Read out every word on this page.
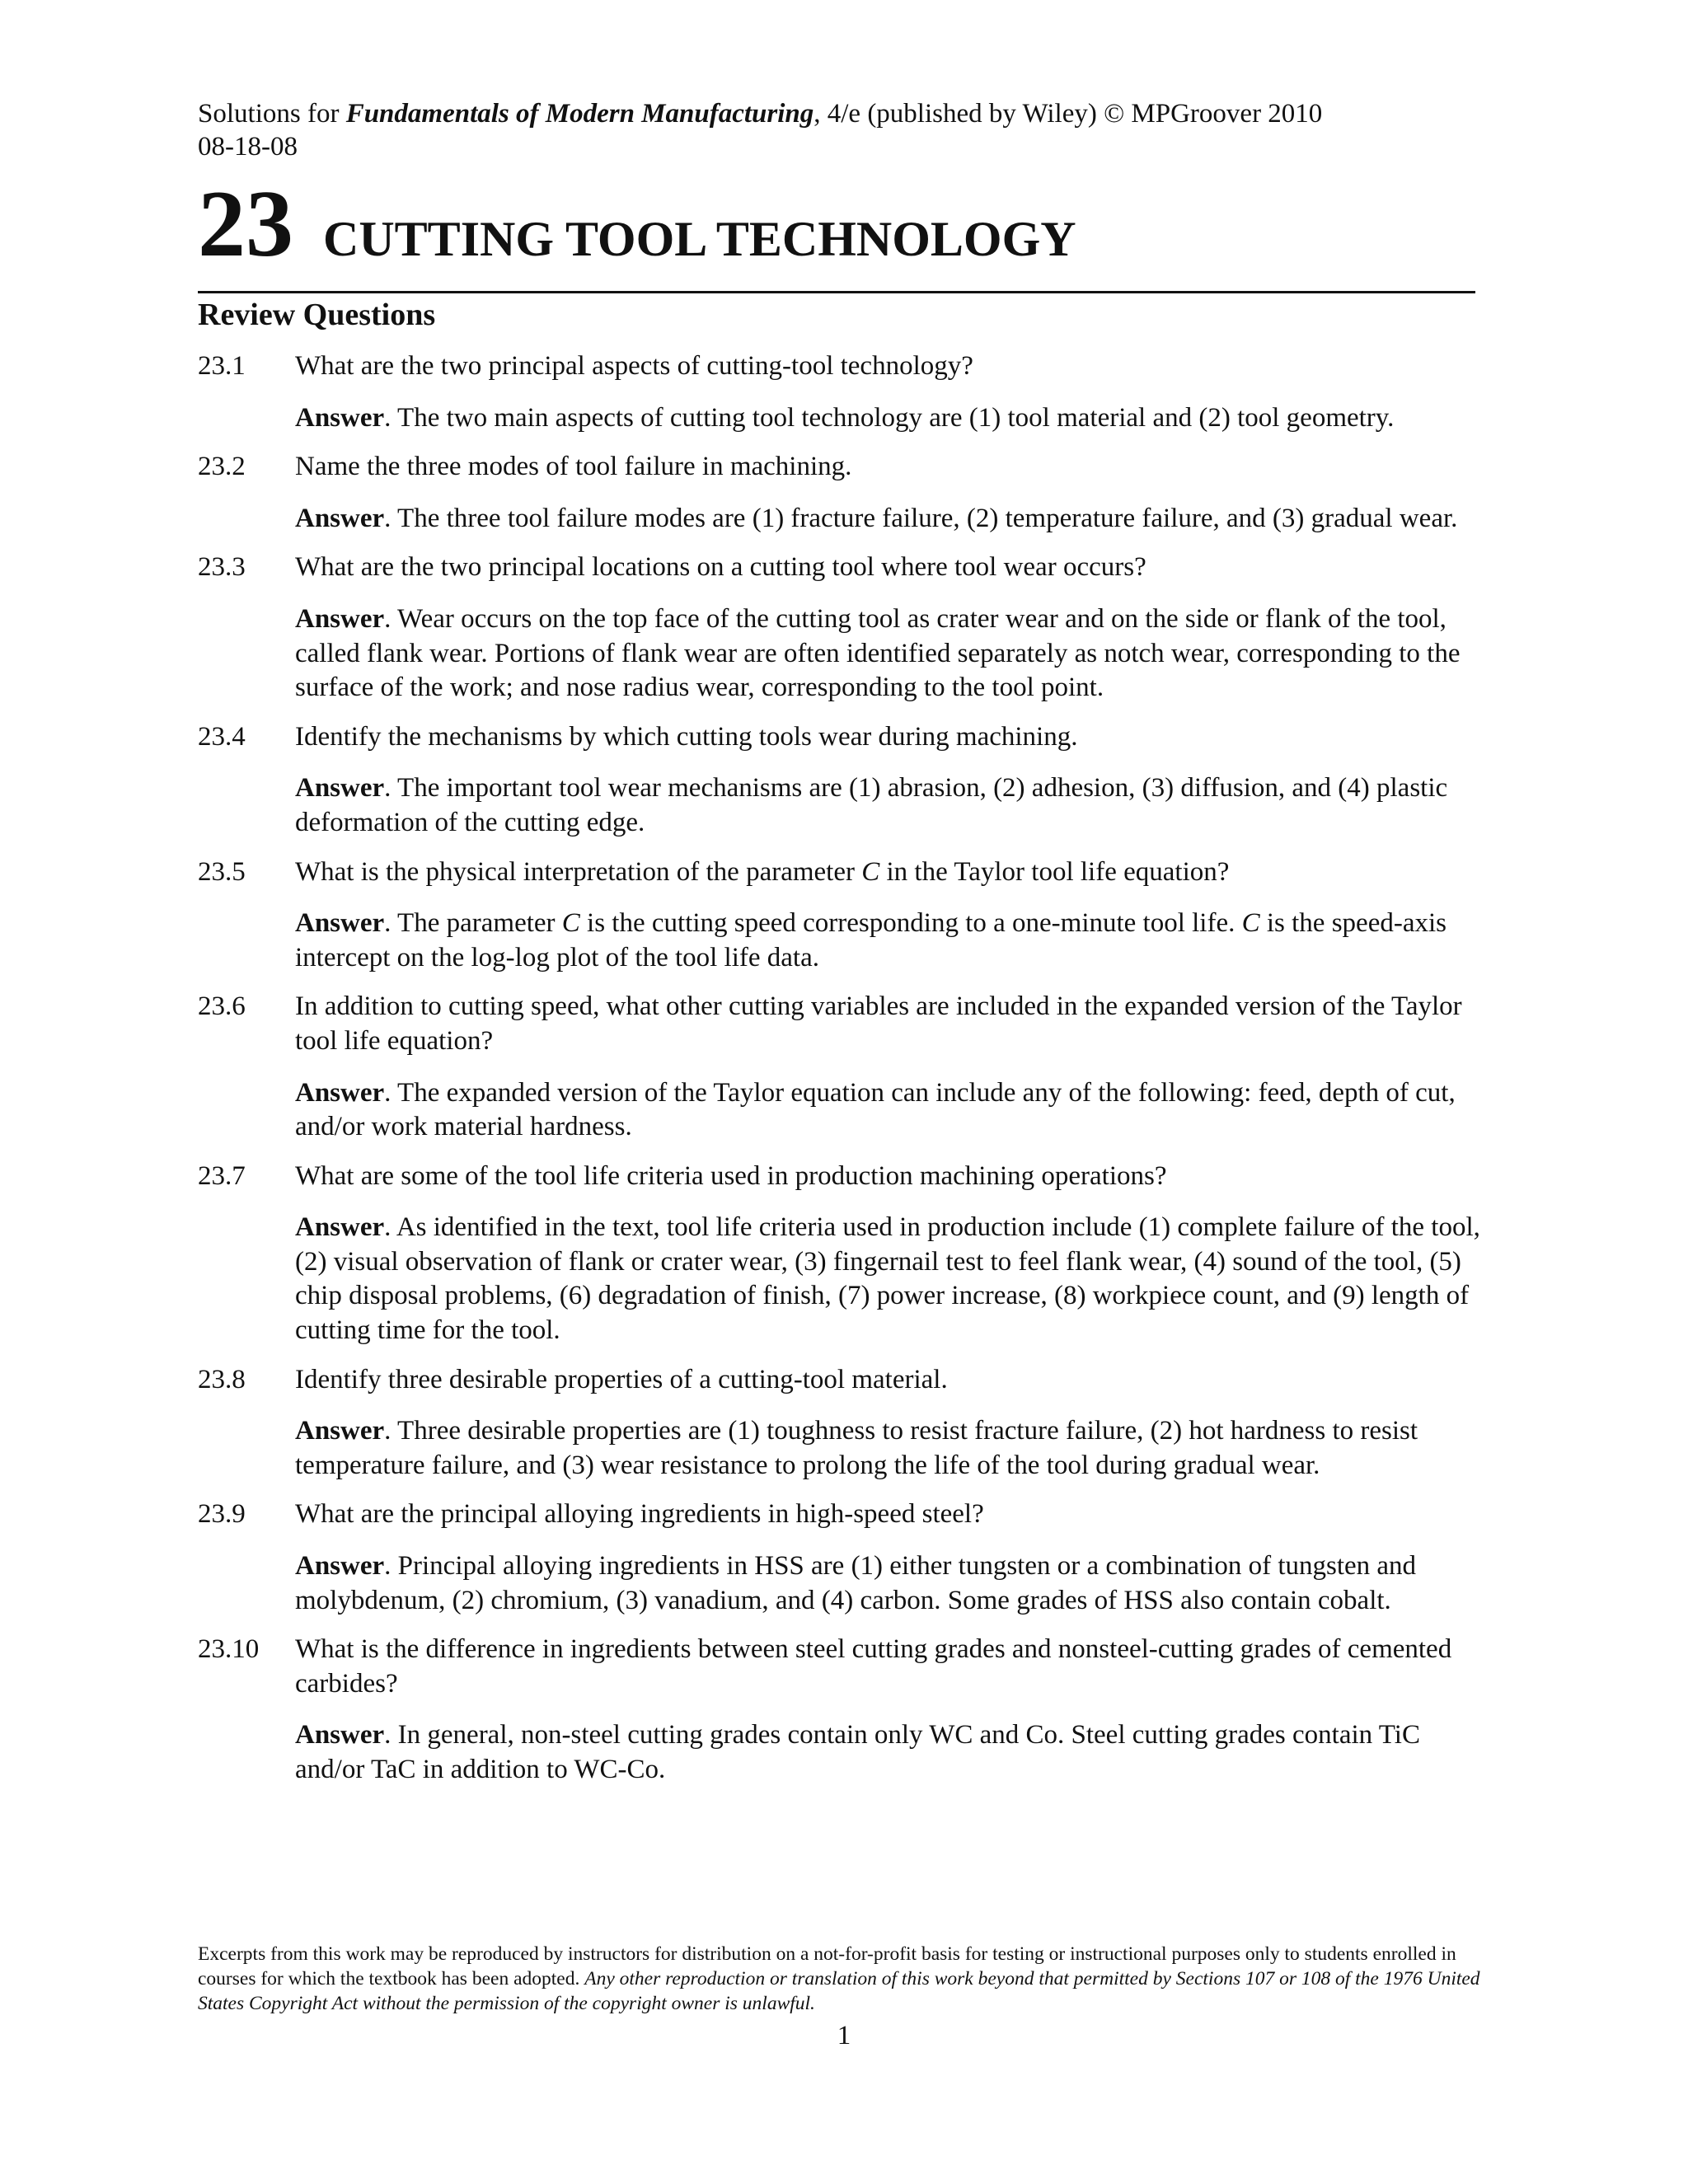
Solutions for Fundamentals of Modern Manufacturing, 4/e (published by Wiley) © MPGroover 2010
08-18-08
23 CUTTING TOOL TECHNOLOGY
Review Questions
23.1	What are the two principal aspects of cutting-tool technology?
Answer. The two main aspects of cutting tool technology are (1) tool material and (2) tool geometry.
23.2	Name the three modes of tool failure in machining.
Answer. The three tool failure modes are (1) fracture failure, (2) temperature failure, and (3) gradual wear.
23.3	What are the two principal locations on a cutting tool where tool wear occurs?
Answer. Wear occurs on the top face of the cutting tool as crater wear and on the side or flank of the tool, called flank wear. Portions of flank wear are often identified separately as notch wear, corresponding to the surface of the work; and nose radius wear, corresponding to the tool point.
23.4	Identify the mechanisms by which cutting tools wear during machining.
Answer. The important tool wear mechanisms are (1) abrasion, (2) adhesion, (3) diffusion, and (4) plastic deformation of the cutting edge.
23.5	What is the physical interpretation of the parameter C in the Taylor tool life equation?
Answer. The parameter C is the cutting speed corresponding to a one-minute tool life. C is the speed-axis intercept on the log-log plot of the tool life data.
23.6	In addition to cutting speed, what other cutting variables are included in the expanded version of the Taylor tool life equation?
Answer. The expanded version of the Taylor equation can include any of the following: feed, depth of cut, and/or work material hardness.
23.7	What are some of the tool life criteria used in production machining operations?
Answer. As identified in the text, tool life criteria used in production include (1) complete failure of the tool, (2) visual observation of flank or crater wear, (3) fingernail test to feel flank wear, (4) sound of the tool, (5) chip disposal problems, (6) degradation of finish, (7) power increase, (8) workpiece count, and (9) length of cutting time for the tool.
23.8	Identify three desirable properties of a cutting-tool material.
Answer. Three desirable properties are (1) toughness to resist fracture failure, (2) hot hardness to resist temperature failure, and (3) wear resistance to prolong the life of the tool during gradual wear.
23.9	What are the principal alloying ingredients in high-speed steel?
Answer. Principal alloying ingredients in HSS are (1) either tungsten or a combination of tungsten and molybdenum, (2) chromium, (3) vanadium, and (4) carbon. Some grades of HSS also contain cobalt.
23.10	What is the difference in ingredients between steel cutting grades and nonsteel-cutting grades of cemented carbides?
Answer. In general, non-steel cutting grades contain only WC and Co. Steel cutting grades contain TiC and/or TaC in addition to WC-Co.
Excerpts from this work may be reproduced by instructors for distribution on a not-for-profit basis for testing or instructional purposes only to students enrolled in courses for which the textbook has been adopted. Any other reproduction or translation of this work beyond that permitted by Sections 107 or 108 of the 1976 United States Copyright Act without the permission of the copyright owner is unlawful.
1
